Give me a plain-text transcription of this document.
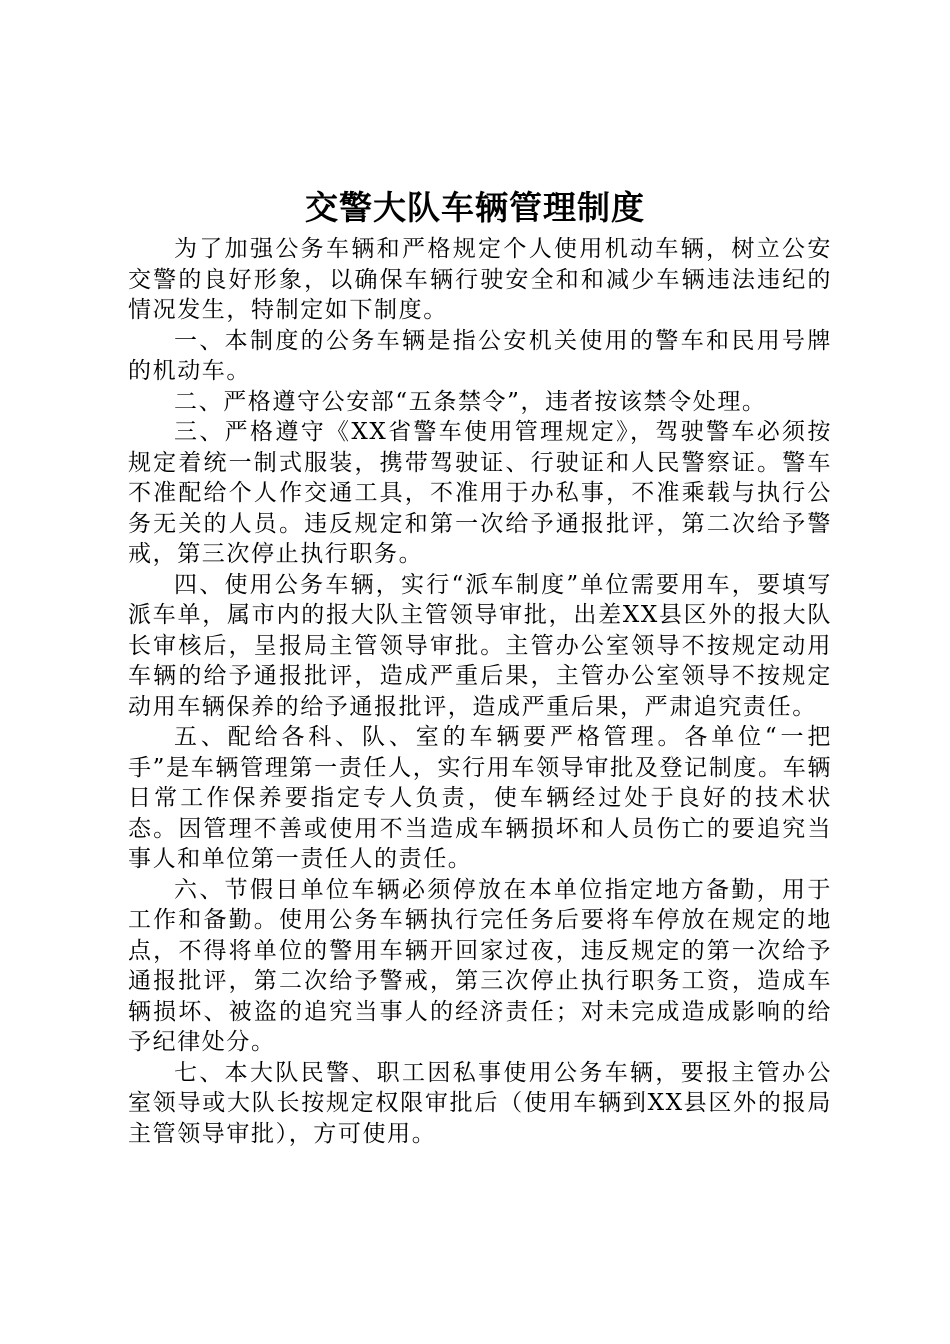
交警大队车辆管理制度

为了加强公务车辆和严格规定个人使用机动车辆，树立公安交警的良好形象，以确保车辆行驶安全和和减少车辆违法违纪的情况发生，特制定如下制度。

一、本制度的公务车辆是指公安机关使用的警车和民用号牌的机动车。

二、严格遵守公安部“五条禁令”，违者按该禁令处理。

三、严格遵守《XX省警车使用管理规定》，驾驶警车必须按规定着统一制式服装，携带驾驶证、行驶证和人民警察证。警车不准配给个人作交通工具，不准用于办私事，不准乘载与执行公务无关的人员。违反规定和第一次给予通报批评，第二次给予警戒，第三次停止执行职务。

四、使用公务车辆，实行“派车制度”单位需要用车，要填写派车单，属市内的报大队主管领导审批，出差XX县区外的报大队长审核后，呈报局主管领导审批。主管办公室领导不按规定动用车辆的给予通报批评，造成严重后果，主管办公室领导不按规定动用车辆保养的给予通报批评，造成严重后果，严肃追究责任。

五、配给各科、队、室的车辆要严格管理。各单位“一把手”是车辆管理第一责任人，实行用车领导审批及登记制度。车辆日常工作保养要指定专人负责，使车辆经过处于良好的技术状态。因管理不善或使用不当造成车辆损坏和人员伤亡的要追究当事人和单位第一责任人的责任。

六、节假日单位车辆必须停放在本单位指定地方备勤，用于工作和备勤。使用公务车辆执行完任务后要将车停放在规定的地点，不得将单位的警用车辆开回家过夜，违反规定的第一次给予通报批评，第二次给予警戒，第三次停止执行职务工资，造成车辆损坏、被盗的追究当事人的经济责任；对未完成造成影响的给予纪律处分。

七、本大队民警、职工因私事使用公务车辆，要报主管办公室领导或大队长按规定权限审批后（使用车辆到XX县区外的报局主管领导审批），方可使用。
